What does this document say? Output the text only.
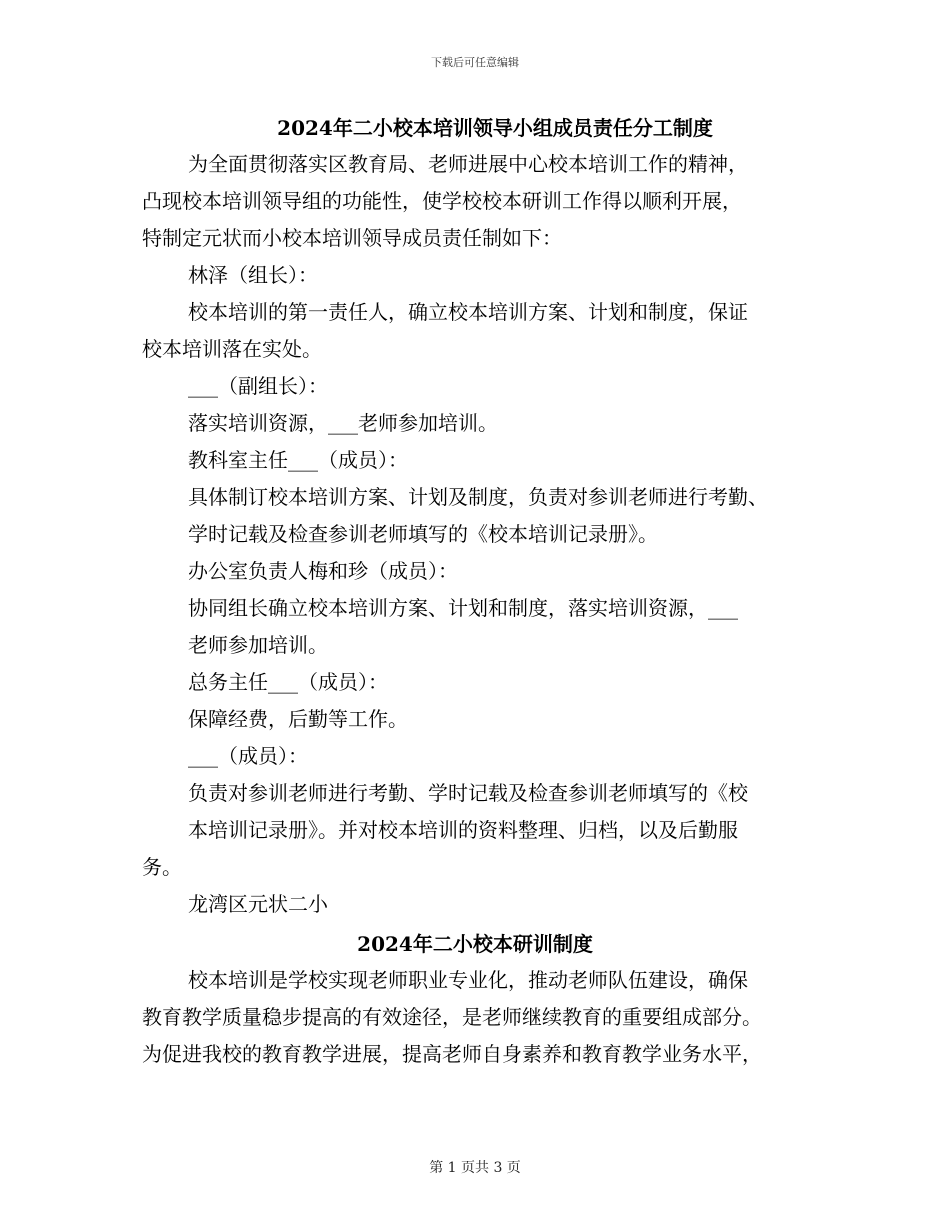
下载后可任意编辑
2024年二小校本培训领导小组成员责任分工制度
为全面贯彻落实区教育局、老师进展中心校本培训工作的精神，
凸现校本培训领导组的功能性，使学校校本研训工作得以顺利开展，
特制定元状而小校本培训领导成员责任制如下：
林泽（组长）：
校本培训的第一责任人，确立校本培训方案、计划和制度，保证
校本培训落在实处。
___（副组长）：
落实培训资源，___老师参加培训。
教科室主任___（成员）：
具体制订校本培训方案、计划及制度，负责对参训老师进行考勤、
学时记载及检查参训老师填写的《校本培训记录册》。
办公室负责人梅和珍（成员）：
协同组长确立校本培训方案、计划和制度，落实培训资源，___
老师参加培训。
总务主任___（成员）：
保障经费，后勤等工作。
___（成员）：
负责对参训老师进行考勤、学时记载及检查参训老师填写的《校
本培训记录册》。并对校本培训的资料整理、归档，以及后勤服
务。
龙湾区元状二小
2024年二小校本研训制度
校本培训是学校实现老师职业专业化，推动老师队伍建设，确保
教育教学质量稳步提高的有效途径，是老师继续教育的重要组成部分。
为促进我校的教育教学进展，提高老师自身素养和教育教学业务水平，
第 1 页共 3 页
